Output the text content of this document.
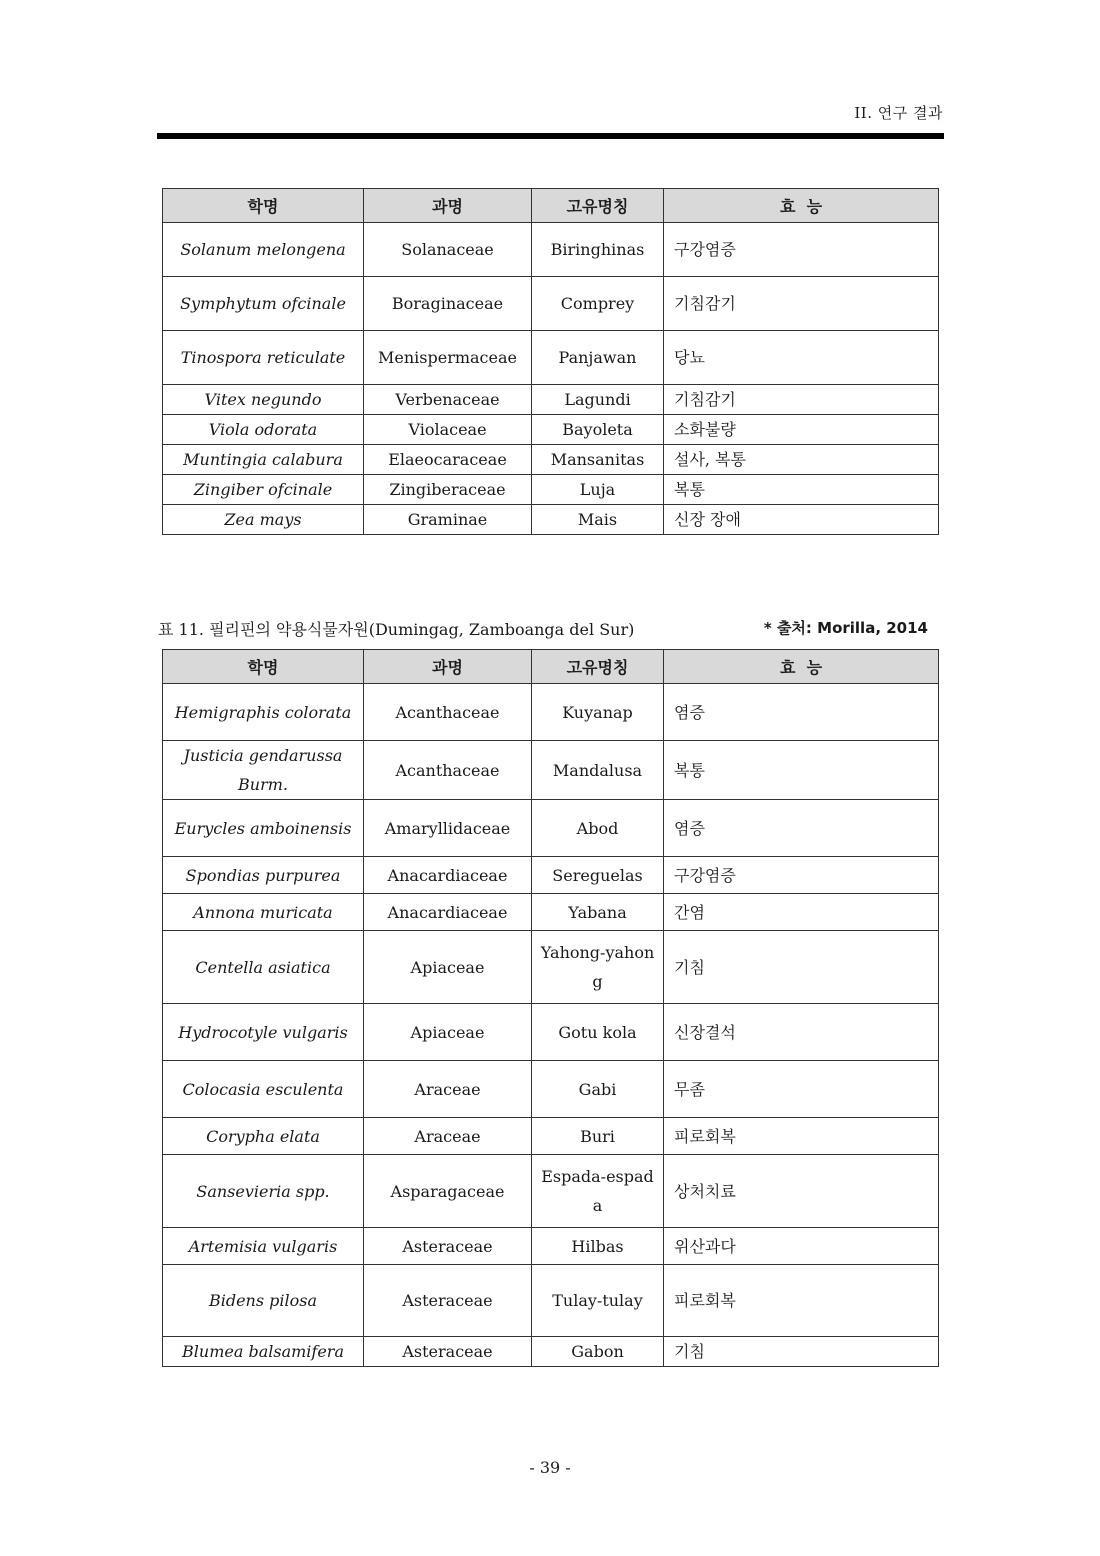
II. 연구 결과
학명	과명	고유명칭	효  능
Solanum melongena	Solanaceae	Biringhinas	구강염증
Symphytum ofcinale	Boraginaceae	Comprey	기침감기
Tinospora reticulate	Menispermaceae	Panjawan	당뇨
Vitex negundo	Verbenaceae	Lagundi	기침감기
Viola odorata	Violaceae	Bayoleta	소화불량
Muntingia calabura	Elaeocaraceae	Mansanitas	설사, 복통
Zingiber ofcinale	Zingiberaceae	Luja	복통
Zea mays	Graminae	Mais	신장 장애
표 11. 필리핀의 약용식물자원(Dumingag, Zamboanga del Sur)	* 출처: Morilla, 2014
학명	과명	고유명칭	효  능
Hemigraphis colorata	Acanthaceae	Kuyanap	염증
Justicia gendarussa Burm.	Acanthaceae	Mandalusa	복통
Eurycles amboinensis	Amaryllidaceae	Abod	염증
Spondias purpurea	Anacardiaceae	Sereguelas	구강염증
Annona muricata	Anacardiaceae	Yabana	간염
Centella asiatica	Apiaceae	Yahong-yahong	기침
Hydrocotyle vulgaris	Apiaceae	Gotu kola	신장결석
Colocasia esculenta	Araceae	Gabi	무좀
Corypha elata	Araceae	Buri	피로회복
Sansevieria spp.	Asparagaceae	Espada-espada	상처치료
Artemisia vulgaris	Asteraceae	Hilbas	위산과다
Bidens pilosa	Asteraceae	Tulay-tulay	피로회복
Blumea balsamifera	Asteraceae	Gabon	기침
- 39 -
